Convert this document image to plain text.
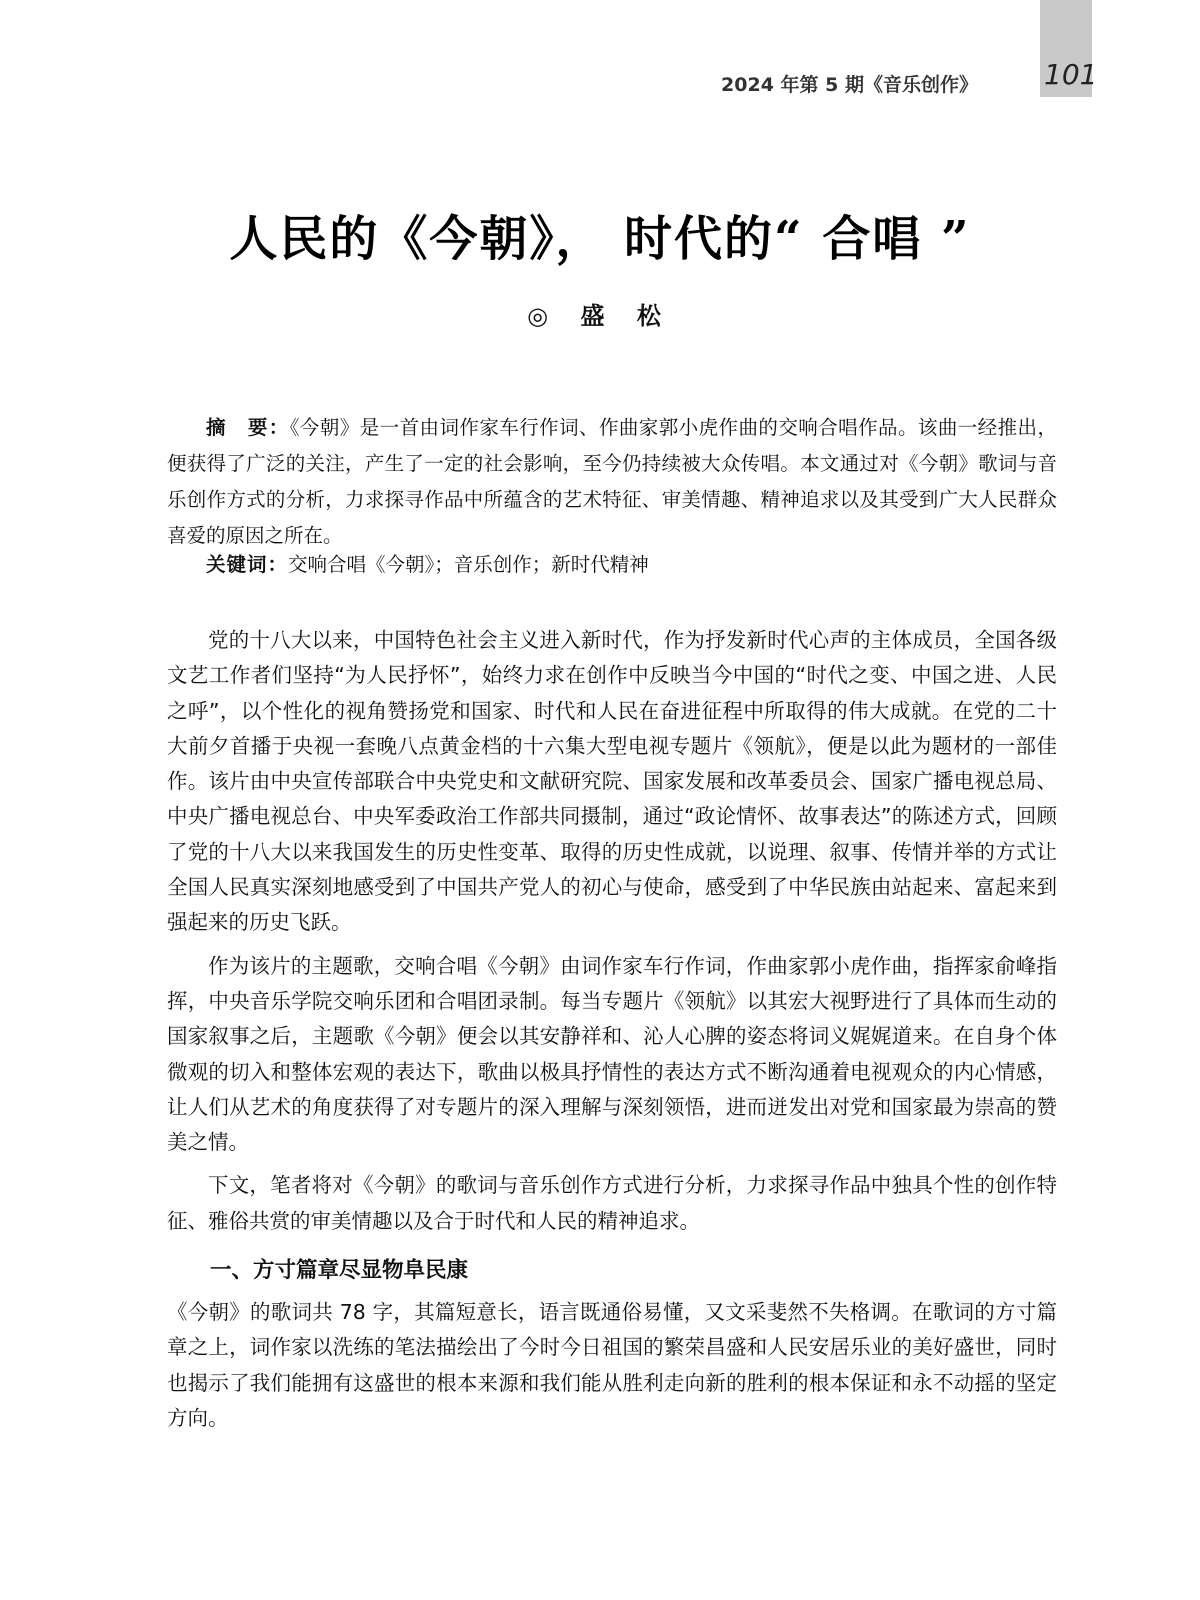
2024 年第 5 期《音乐创作》 101
人民的《今朝》， 时代的“ 合唱 ”
◎ 盛 松

摘　要：《今朝》是一首由词作家车行作词、作曲家郭小虎作曲的交响合唱作品。该曲一经推出，便获得了广泛的关注，产生了一定的社会影响，至今仍持续被大众传唱。本文通过对《今朝》歌词与音乐创作方式的分析，力求探寻作品中所蕴含的艺术特征、审美情趣、精神追求以及其受到广大人民群众喜爱的原因之所在。

关键词：交响合唱《今朝》；音乐创作；新时代精神

党的十八大以来，中国特色社会主义进入新时代，作为抒发新时代心声的主体成员，全国各级文艺工作者们坚持“为人民抒怀”，始终力求在创作中反映当今中国的“时代之变、中国之进、人民之呼”，以个性化的视角赞扬党和国家、时代和人民在奋进征程中所取得的伟大成就。在党的二十大前夕首播于央视一套晚八点黄金档的十六集大型电视专题片《领航》，便是以此为题材的一部佳作。该片由中央宣传部联合中央党史和文献研究院、国家发展和改革委员会、国家广播电视总局、中央广播电视总台、中央军委政治工作部共同摄制，通过“政论情怀、故事表达”的陈述方式，回顾了党的十八大以来我国发生的历史性变革、取得的历史性成就，以说理、叙事、传情并举的方式让全国人民真实深刻地感受到了中国共产党人的初心与使命，感受到了中华民族由站起来、富起来到强起来的历史飞跃。

作为该片的主题歌，交响合唱《今朝》由词作家车行作词，作曲家郭小虎作曲，指挥家俞峰指挥，中央音乐学院交响乐团和合唱团录制。每当专题片《领航》以其宏大视野进行了具体而生动的国家叙事之后，主题歌《今朝》便会以其安静祥和、沁人心脾的姿态将词义娓娓道来。在自身个体微观的切入和整体宏观的表达下，歌曲以极具抒情性的表达方式不断沟通着电视观众的内心情感，让人们从艺术的角度获得了对专题片的深入理解与深刻领悟，进而迸发出对党和国家最为崇高的赞美之情。

下文，笔者将对《今朝》的歌词与音乐创作方式进行分析，力求探寻作品中独具个性的创作特征、雅俗共赏的审美情趣以及合于时代和人民的精神追求。

一、方寸篇章尽显物阜民康

《今朝》的歌词共 78 字，其篇短意长，语言既通俗易懂，又文采斐然不失格调。在歌词的方寸篇章之上，词作家以洗练的笔法描绘出了今时今日祖国的繁荣昌盛和人民安居乐业的美好盛世，同时也揭示了我们能拥有这盛世的根本来源和我们能从胜利走向新的胜利的根本保证和永不动摇的坚定方向。
